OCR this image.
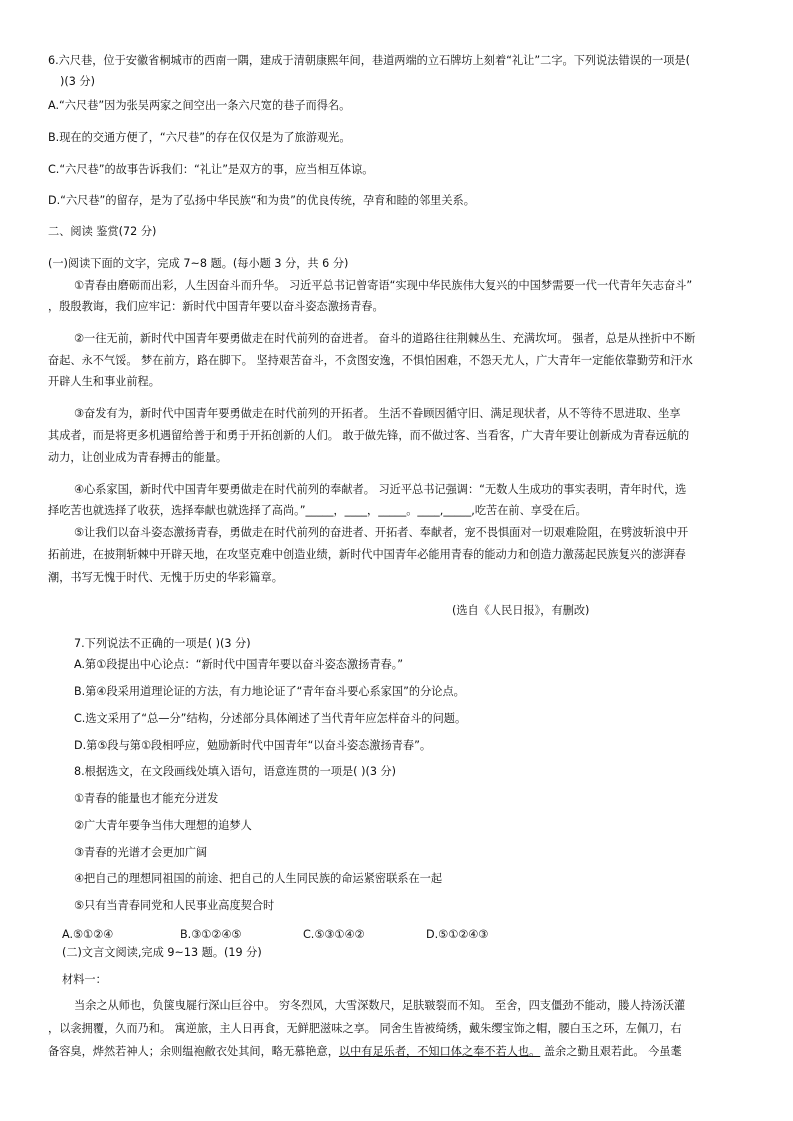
6.六尺巷，位于安徽省桐城市的西南一隅，建成于清朝康熙年间，巷道两端的立石牌坊上刻着“礼让”二字。下列说法错误的一项是(
)(3 分)
A.“六尺巷”因为张吴两家之间空出一条六尺宽的巷子而得名。
B.现在的交通方便了，“六尺巷”的存在仅仅是为了旅游观光。
C.“六尺巷”的故事告诉我们：“礼让”是双方的事，应当相互体谅。
D.“六尺巷”的留存，是为了弘扬中华民族“和为贵”的优良传统，孕育和睦的邻里关系。
二、阅读 鉴赏(72 分)
(一)阅读下面的文字，完成 7~8 题。(每小题 3 分，共 6 分)
①青春由磨砺而出彩，人生因奋斗而升华。 习近平总书记曾寄语“实现中华民族伟大复兴的中国梦需要一代一代青年矢志奋斗”
，殷殷教诲，我们应牢记：新时代中国青年要以奋斗姿态激扬青春。
②一往无前，新时代中国青年要勇做走在时代前列的奋进者。 奋斗的道路往往荆棘丛生、充满坎坷。 强者，总是从挫折中不断
奋起、永不气馁。 梦在前方，路在脚下。 坚持艰苦奋斗，不贪图安逸，不惧怕困难，不怨天尤人，广大青年一定能依靠勤劳和汗水
开辟人生和事业前程。
③奋发有为，新时代中国青年要勇做走在时代前列的开拓者。 生活不眷顾因循守旧、满足现状者，从不等待不思进取、坐享
其成者，而是将更多机遇留给善于和勇于开拓创新的人们。 敢于做先锋，而不做过客、当看客，广大青年要让创新成为青春远航的
动力，让创业成为青春搏击的能量。
④心系家国，新时代中国青年要勇做走在时代前列的奉献者。 习近平总书记强调：“无数人生成功的事实表明，青年时代，选
择吃苦也就选择了收获，选择奉献也就选择了高尚。”_____，____，_____。____,_____,吃苦在前、享受在后。
⑤让我们以奋斗姿态激扬青春，勇做走在时代前列的奋进者、开拓者、奉献者，宠不畏惧面对一切艰难险阻，在劈波斩浪中开
拓前进，在披荆斩棘中开辟天地，在攻坚克难中创造业绩，新时代中国青年必能用青春的能动力和创造力激荡起民族复兴的澎湃春
潮，书写无愧于时代、无愧于历史的华彩篇章。
(选自《人民日报》，有删改)
7.下列说法不正确的一项是( )(3 分)
A.第①段提出中心论点：“新时代中国青年要以奋斗姿态激扬青春。”
B.第④段采用道理论证的方法，有力地论证了“青年奋斗要心系家国”的分论点。
C.选文采用了“总—分”结构，分述部分具体阐述了当代青年应怎样奋斗的问题。
D.第⑤段与第①段相呼应，勉励新时代中国青年“以奋斗姿态激扬青春”。
8.根据选文，在文段画线处填入语句，语意连贯的一项是( )(3 分)
①青春的能量也才能充分迸发
②广大青年要争当伟大理想的追梦人
③青春的光谱才会更加广阔
④把自己的理想同祖国的前途、把自己的人生同民族的命运紧密联系在一起
⑤只有当青春同党和人民事业高度契合时
A.⑤①②④	B.③①②④⑤	C.⑤③①④②	D.⑤①②④③
(二)文言文阅读,完成 9~13 题。(19 分)
材料一：
当余之从师也，负箧曳屣行深山巨谷中。 穷冬烈风，大雪深数尺，足肤皲裂而不知。 至舍，四支僵劲不能动，媵人持汤沃灌
，以衾拥覆，久而乃和。 寓逆旅，主人日再食，无鲜肥滋味之享。 同舍生皆被绮绣，戴朱缨宝饰之帽，腰白玉之环，左佩刀，右
备容臭，烨然若神人；余则缊袍敝衣处其间，略无慕艳意，以中有足乐者，不知口体之奉不若人也。 盖余之勤且艰若此。 今虽耄
